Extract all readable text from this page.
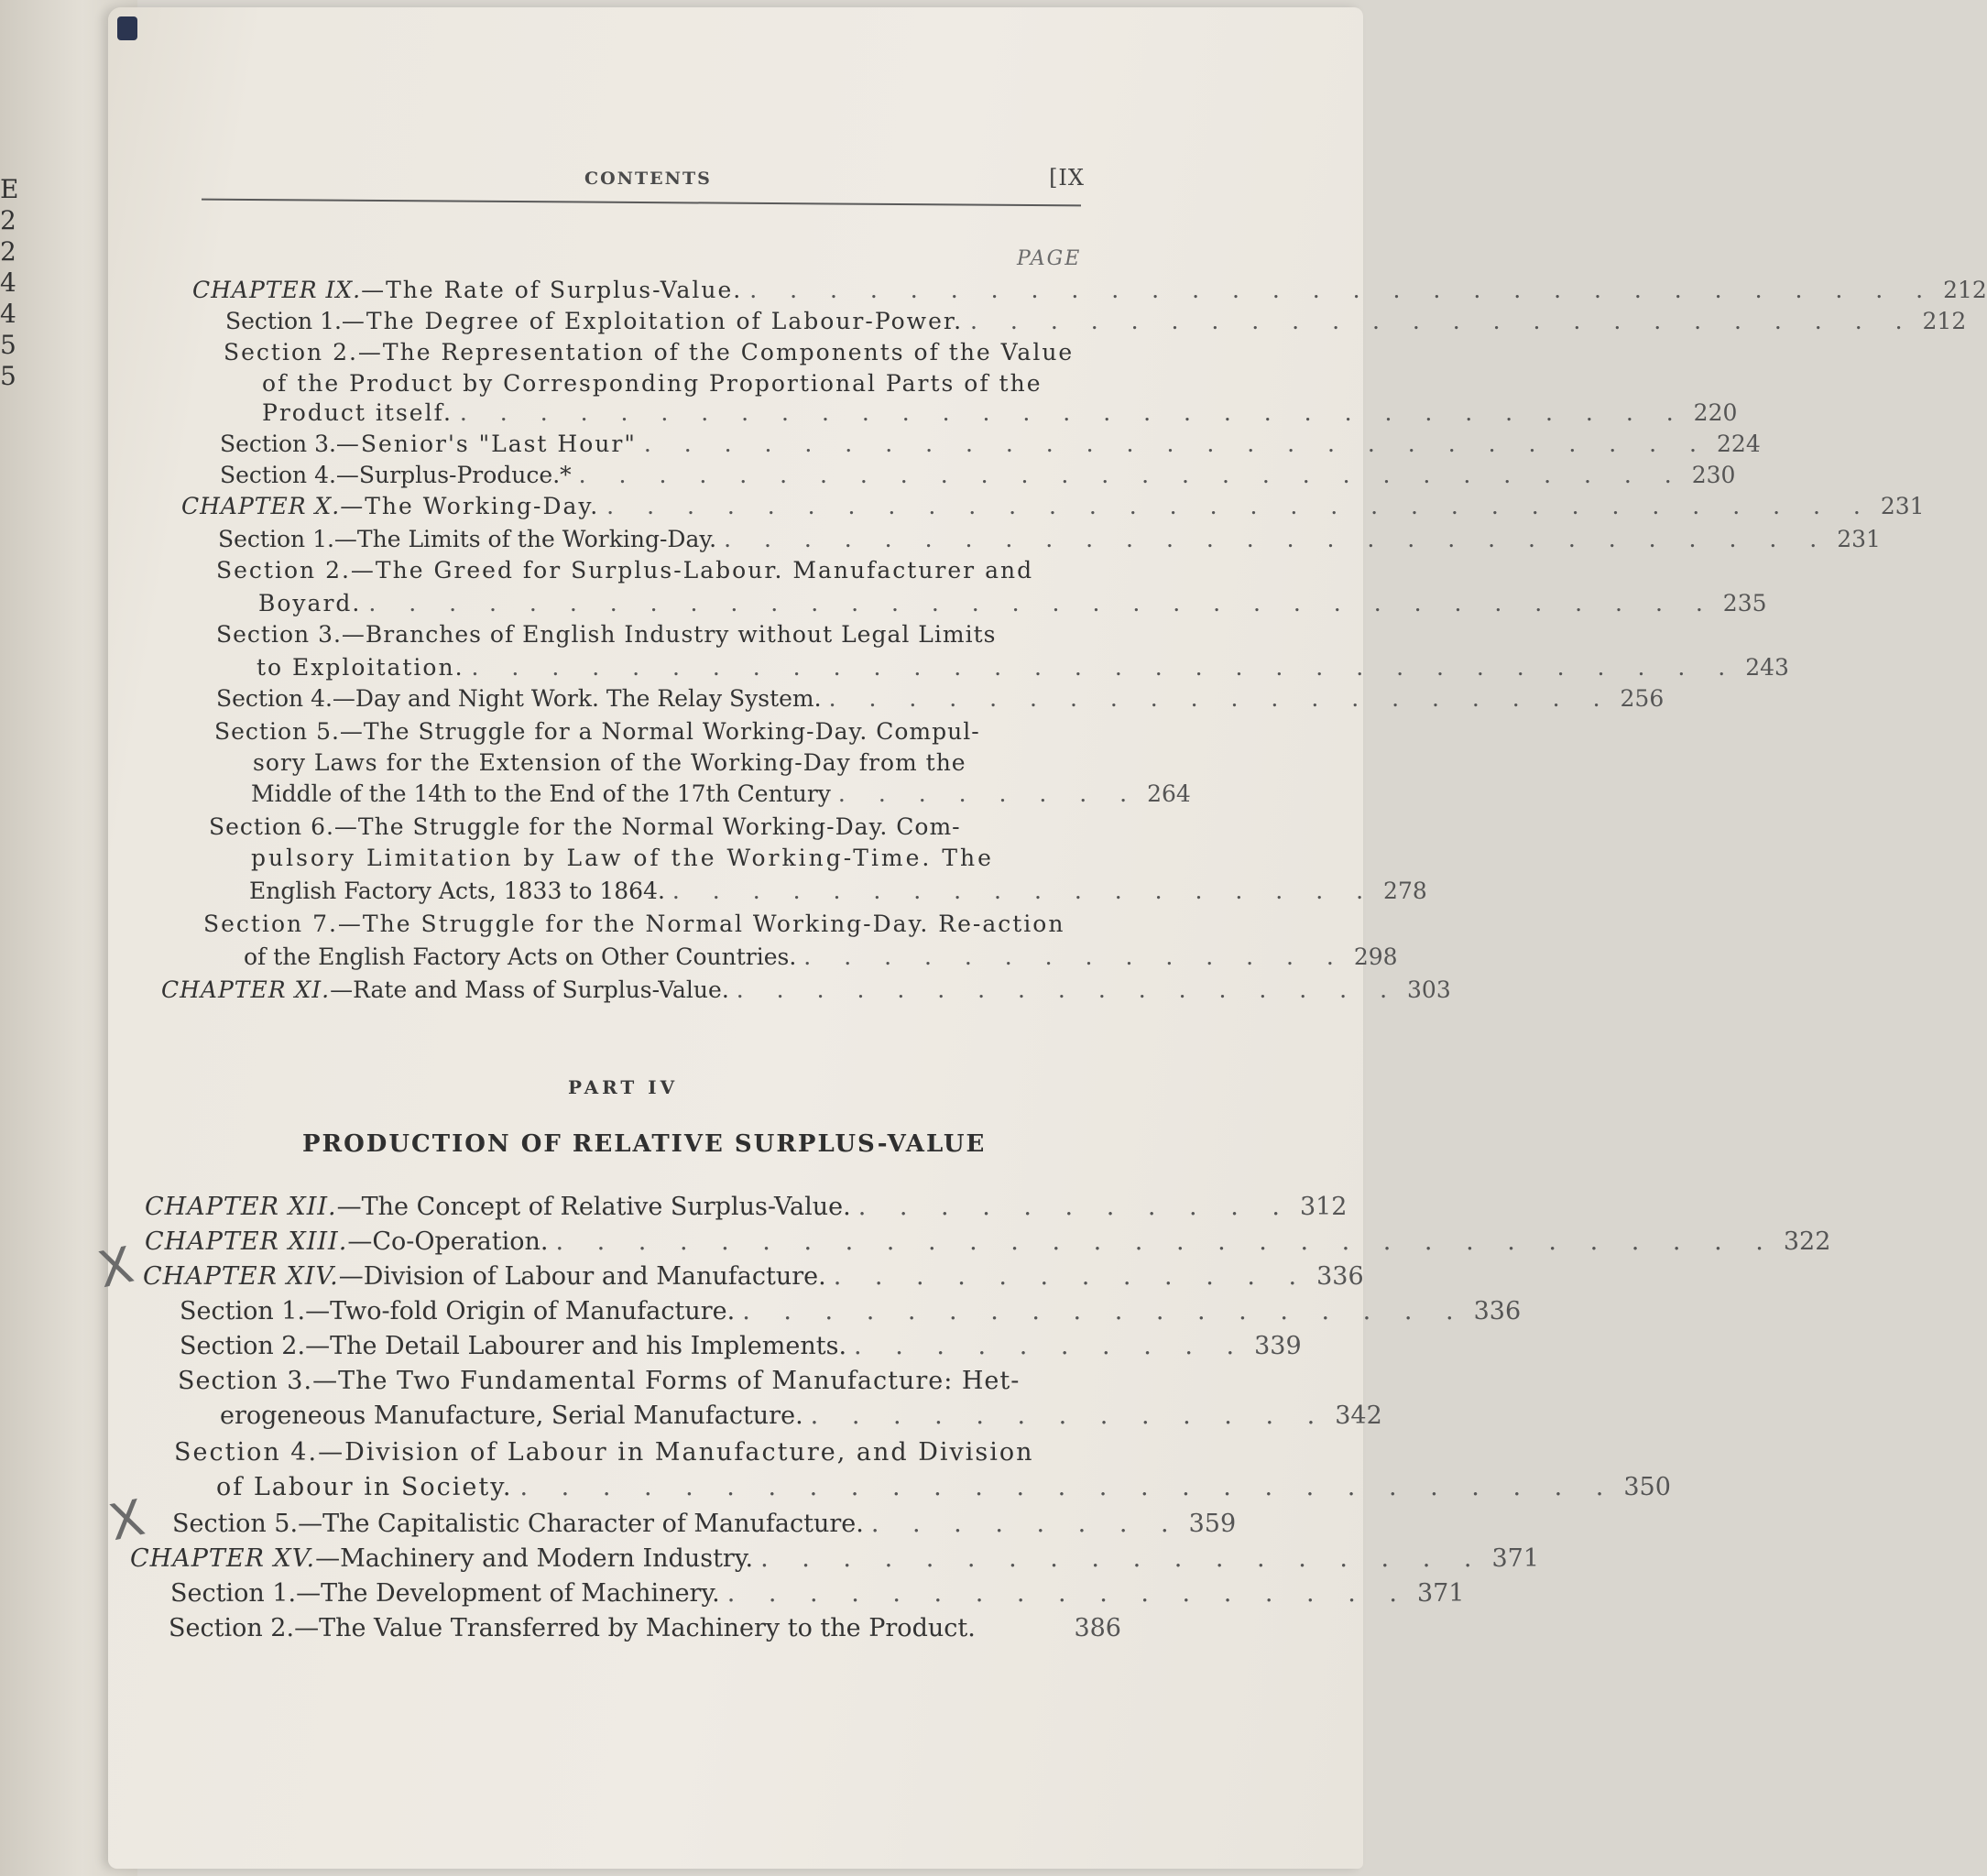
E
2
2
4
4
5
5
CONTENTS	[IX
PAGE
CHAPTER IX.—The Rate of Surplus-Value. . . . . . . . . . . . . . . . . . . . . . . . . . . . . . . 212
Section 1.—The Degree of Exploitation of Labour-Power. . . . . . . . . . . . . . . . . . . . . . . . . 212
Section 2.—The Representation of the Components of the Value
of the Product by Corresponding Proportional Parts of the
Product itself. . . . . . . . . . . . . . . . . . . . . . . . . . . . . . . . 220
Section 3.—Senior's "Last Hour" . . . . . . . . . . . . . . . . . . . . . . . . . . . 224
Section 4.—Surplus-Produce.* . . . . . . . . . . . . . . . . . . . . . . . . . . . . 230
CHAPTER X.—The Working-Day. . . . . . . . . . . . . . . . . . . . . . . . . . . . . . . . . 231
Section 1.—The Limits of the Working-Day. . . . . . . . . . . . . . . . . . . . . . . . . . . . . 231
Section 2.—The Greed for Surplus-Labour. Manufacturer and
Boyard. . . . . . . . . . . . . . . . . . . . . . . . . . . . . . . . . . . 235
Section 3.—Branches of English Industry without Legal Limits
to Exploitation. . . . . . . . . . . . . . . . . . . . . . . . . . . . . . . . . 243
Section 4.—Day and Night Work. The Relay System. . . . . . . . . . . . . . . . . . . . . 256
Section 5.—The Struggle for a Normal Working-Day. Compul-
sory Laws for the Extension of the Working-Day from the
Middle of the 14th to the End of the 17th Century . . . . . . . . 264
Section 6.—The Struggle for the Normal Working-Day. Com-
pulsory Limitation by Law of the Working-Time. The
English Factory Acts, 1833 to 1864. . . . . . . . . . . . . . . . . . . 278
Section 7.—The Struggle for the Normal Working-Day. Re-action
of the English Factory Acts on Other Countries. . . . . . . . . . . . . . . 298
CHAPTER XI.—Rate and Mass of Surplus-Value. . . . . . . . . . . . . . . . . . 303
PART IV
PRODUCTION OF RELATIVE SURPLUS-VALUE
CHAPTER XII.—The Concept of Relative Surplus-Value. . . . . . . . . . . . 312
CHAPTER XIII.—Co-Operation. . . . . . . . . . . . . . . . . . . . . . . . . . . . . . . 322
CHAPTER XIV.—Division of Labour and Manufacture. . . . . . . . . . . . . 336
Section 1.—Two-fold Origin of Manufacture. . . . . . . . . . . . . . . . . . . 336
Section 2.—The Detail Labourer and his Implements. . . . . . . . . . . 339
Section 3.—The Two Fundamental Forms of Manufacture: Het-
erogeneous Manufacture, Serial Manufacture. . . . . . . . . . . . . . 342
Section 4.—Division of Labour in Manufacture, and Division
of Labour in Society. . . . . . . . . . . . . . . . . . . . . . . . . . . . 350
Section 5.—The Capitalistic Character of Manufacture. . . . . . . . . 359
CHAPTER XV.—Machinery and Modern Industry. . . . . . . . . . . . . . . . . . . 371
Section 1.—The Development of Machinery. . . . . . . . . . . . . . . . . . 371
Section 2.—The Value Transferred by Machinery to the Product.	386
X
X
